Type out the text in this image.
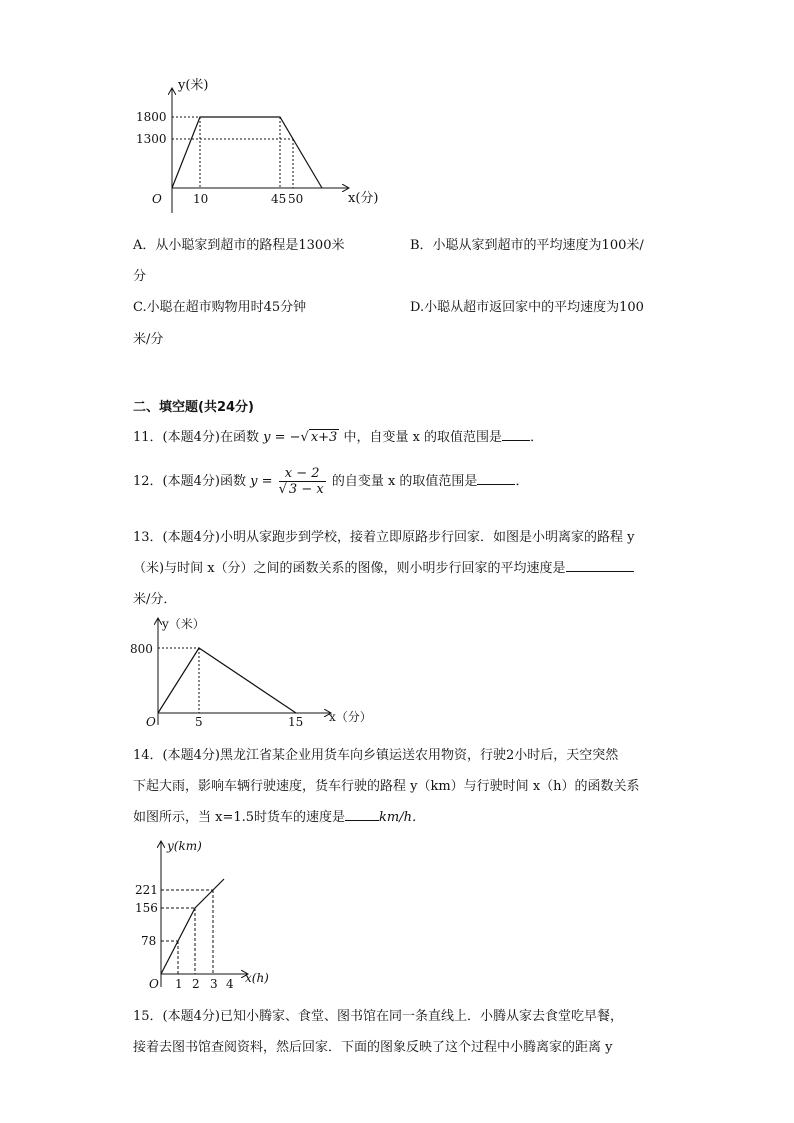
y(米)
x(分)
O
1800
1300
10	45 50
A．从小聪家到超市的路程是1300米	B．小聪从家到超市的平均速度为100米/
分
C.小聪在超市购物用时45分钟	D.小聪从超市返回家中的平均速度为100
米/分
二、填空题(共24分)
11．(本题4分)在函数 y = −√ x+3 中，自变量 x 的取值范围是 ．
12．(本题4分)函数 $y = \frac{x - 2}{√ 3 - x}$ 的自变量 x 的取值范围是	．
13．(本题4分)小明从家跑步到学校，接着立即原路步行回家．如图是小明离家的路程 y
（米)与时间 x（分）之间的函数关系的图像，则小明步行回家的平均速度是
米/分．
y（米）
x（分）
O
800
5	15
14．(本题4分)黑龙江省某企业用货车向乡镇运送农用物资，行驶2小时后，天空突然
下起大雨，影响车辆行驶速度，货车行驶的路程 y（km）与行驶时间 x（h）的函数关系
如图所示，当 x=1.5时货车的速度是	km/h．
y(km)
x(h)
O
221
156
78
1 2 3 4
15．(本题4分)已知小腾家、食堂、图书馆在同一条直线上．小腾从家去食堂吃早餐，
接着去图书馆查阅资料，然后回家．下面的图象反映了这个过程中小腾离家的距离 y
